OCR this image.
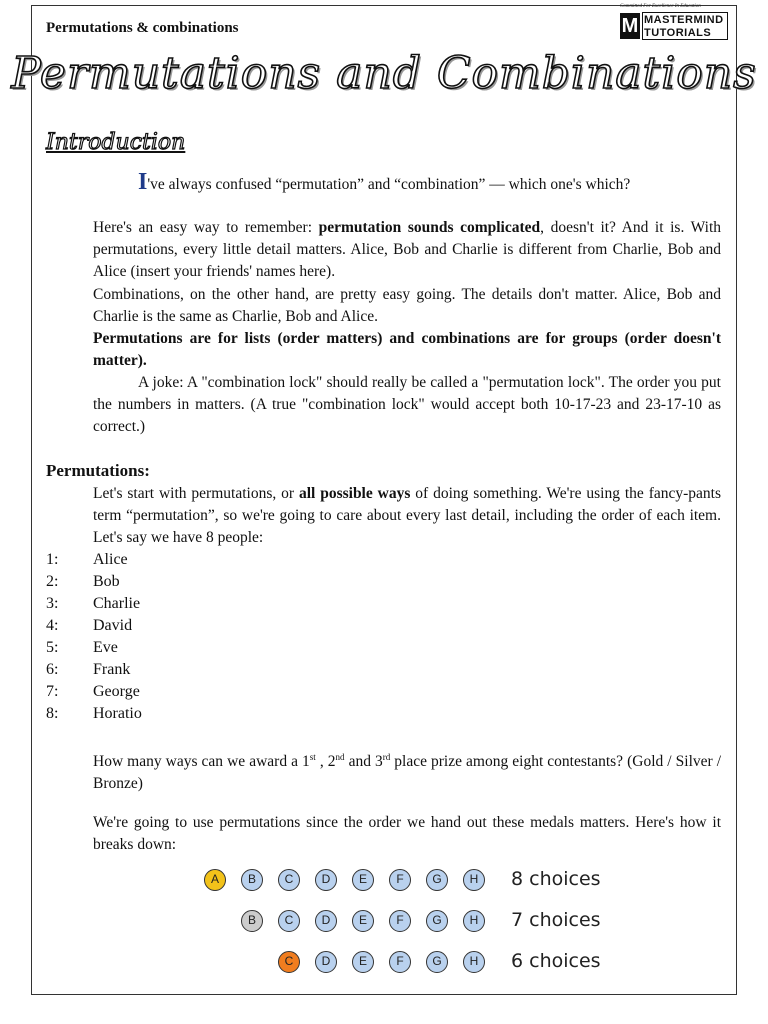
Permutations & combinations
Committed For Excellence In Education
M MASTERMIND
TUTORIALS
Permutations and Combinations
Introduction
I've always confused “permutation” and “combination” — which one's which?
Here's an easy way to remember: permutation sounds complicated, doesn't it? And it is. With permutations, every little detail matters. Alice, Bob and Charlie is different from Charlie, Bob and Alice (insert your friends' names here).
Combinations, on the other hand, are pretty easy going. The details don't matter. Alice, Bob and Charlie is the same as Charlie, Bob and Alice.
Permutations are for lists (order matters) and combinations are for groups (order doesn't matter).
A joke: A "combination lock" should really be called a "permutation lock". The order you put the numbers in matters. (A true "combination lock" would accept both 10-17-23 and 23-17-10 as correct.)
Permutations:
Let's start with permutations, or all possible ways of doing something. We're using the fancy-pants term “permutation”, so we're going to care about every last detail, including the order of each item. Let's say we have 8 people:
1:	Alice
2:	Bob
3:	Charlie
4:	David
5:	Eve
6:	Frank
7:	George
8:	Horatio
How many ways can we award a 1st , 2nd and 3rd place prize among eight contestants? (Gold / Silver / Bronze)
We're going to use permutations since the order we hand out these medals matters. Here's how it breaks down:
A	B	C	D	E	F	G	H	8 choices
B	C	D	E	F	G	H	7 choices
C	D	E	F	G	H	6 choices
